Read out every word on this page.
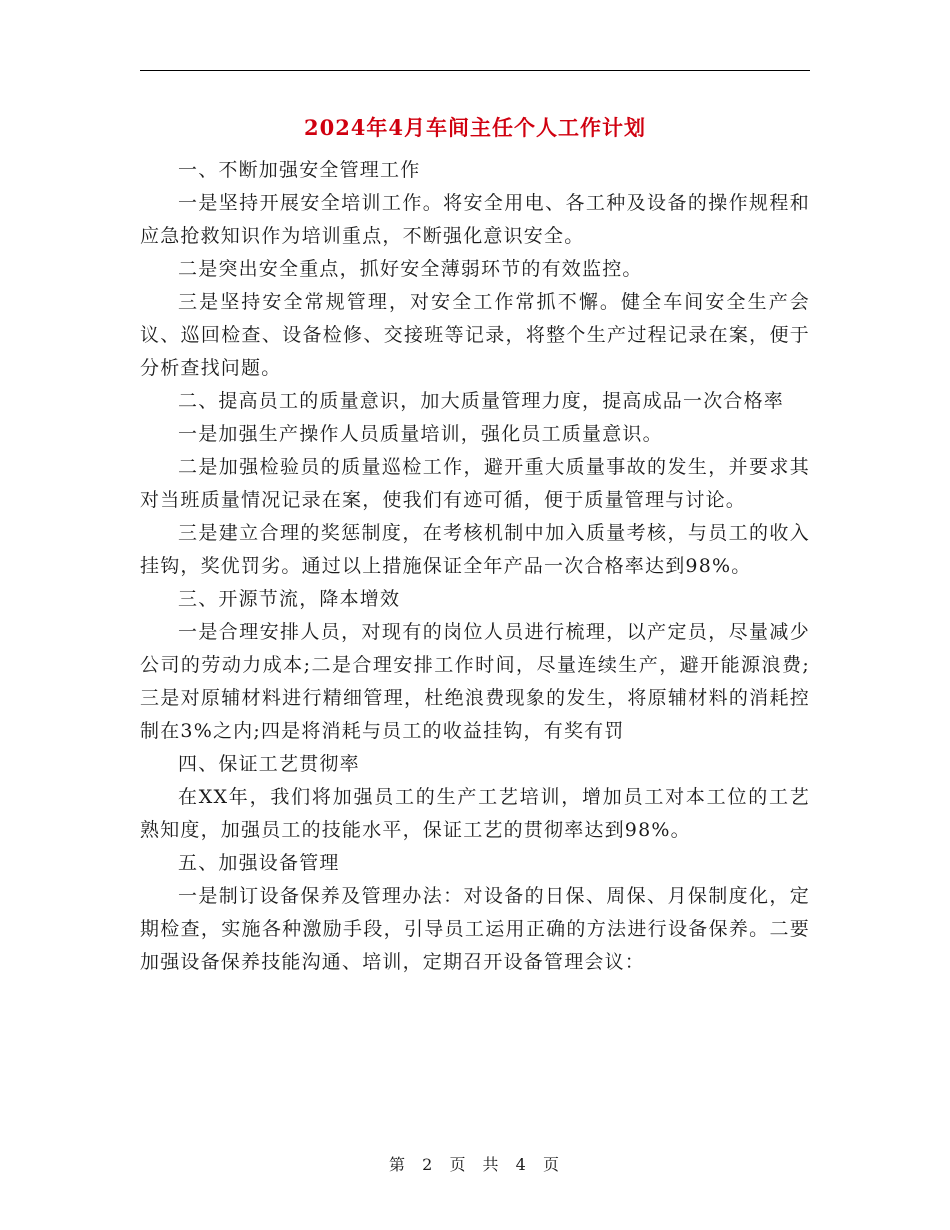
2024年4月车间主任个人工作计划

一、不断加强安全管理工作

一是坚持开展安全培训工作。将安全用电、各工种及设备的操作规程和应急抢救知识作为培训重点，不断强化意识安全。

二是突出安全重点，抓好安全薄弱环节的有效监控。

三是坚持安全常规管理，对安全工作常抓不懈。健全车间安全生产会议、巡回检查、设备检修、交接班等记录，将整个生产过程记录在案，便于分析查找问题。

二、提高员工的质量意识，加大质量管理力度，提高成品一次合格率

一是加强生产操作人员质量培训，强化员工质量意识。

二是加强检验员的质量巡检工作，避开重大质量事故的发生，并要求其对当班质量情况记录在案，使我们有迹可循，便于质量管理与讨论。

三是建立合理的奖惩制度，在考核机制中加入质量考核，与员工的收入挂钩，奖优罚劣。通过以上措施保证全年产品一次合格率达到98%。

三、开源节流，降本增效

一是合理安排人员，对现有的岗位人员进行梳理，以产定员，尽量减少公司的劳动力成本;二是合理安排工作时间，尽量连续生产，避开能源浪费;三是对原辅材料进行精细管理，杜绝浪费现象的发生，将原辅材料的消耗控制在3%之内;四是将消耗与员工的收益挂钩，有奖有罚

四、保证工艺贯彻率

在XX年，我们将加强员工的生产工艺培训，增加员工对本工位的工艺熟知度，加强员工的技能水平，保证工艺的贯彻率达到98%。

五、加强设备管理

一是制订设备保养及管理办法：对设备的日保、周保、月保制度化，定期检查，实施各种激励手段，引导员工运用正确的方法进行设备保养。二要加强设备保养技能沟通、培训，定期召开设备管理会议：

第 2 页 共 4 页
